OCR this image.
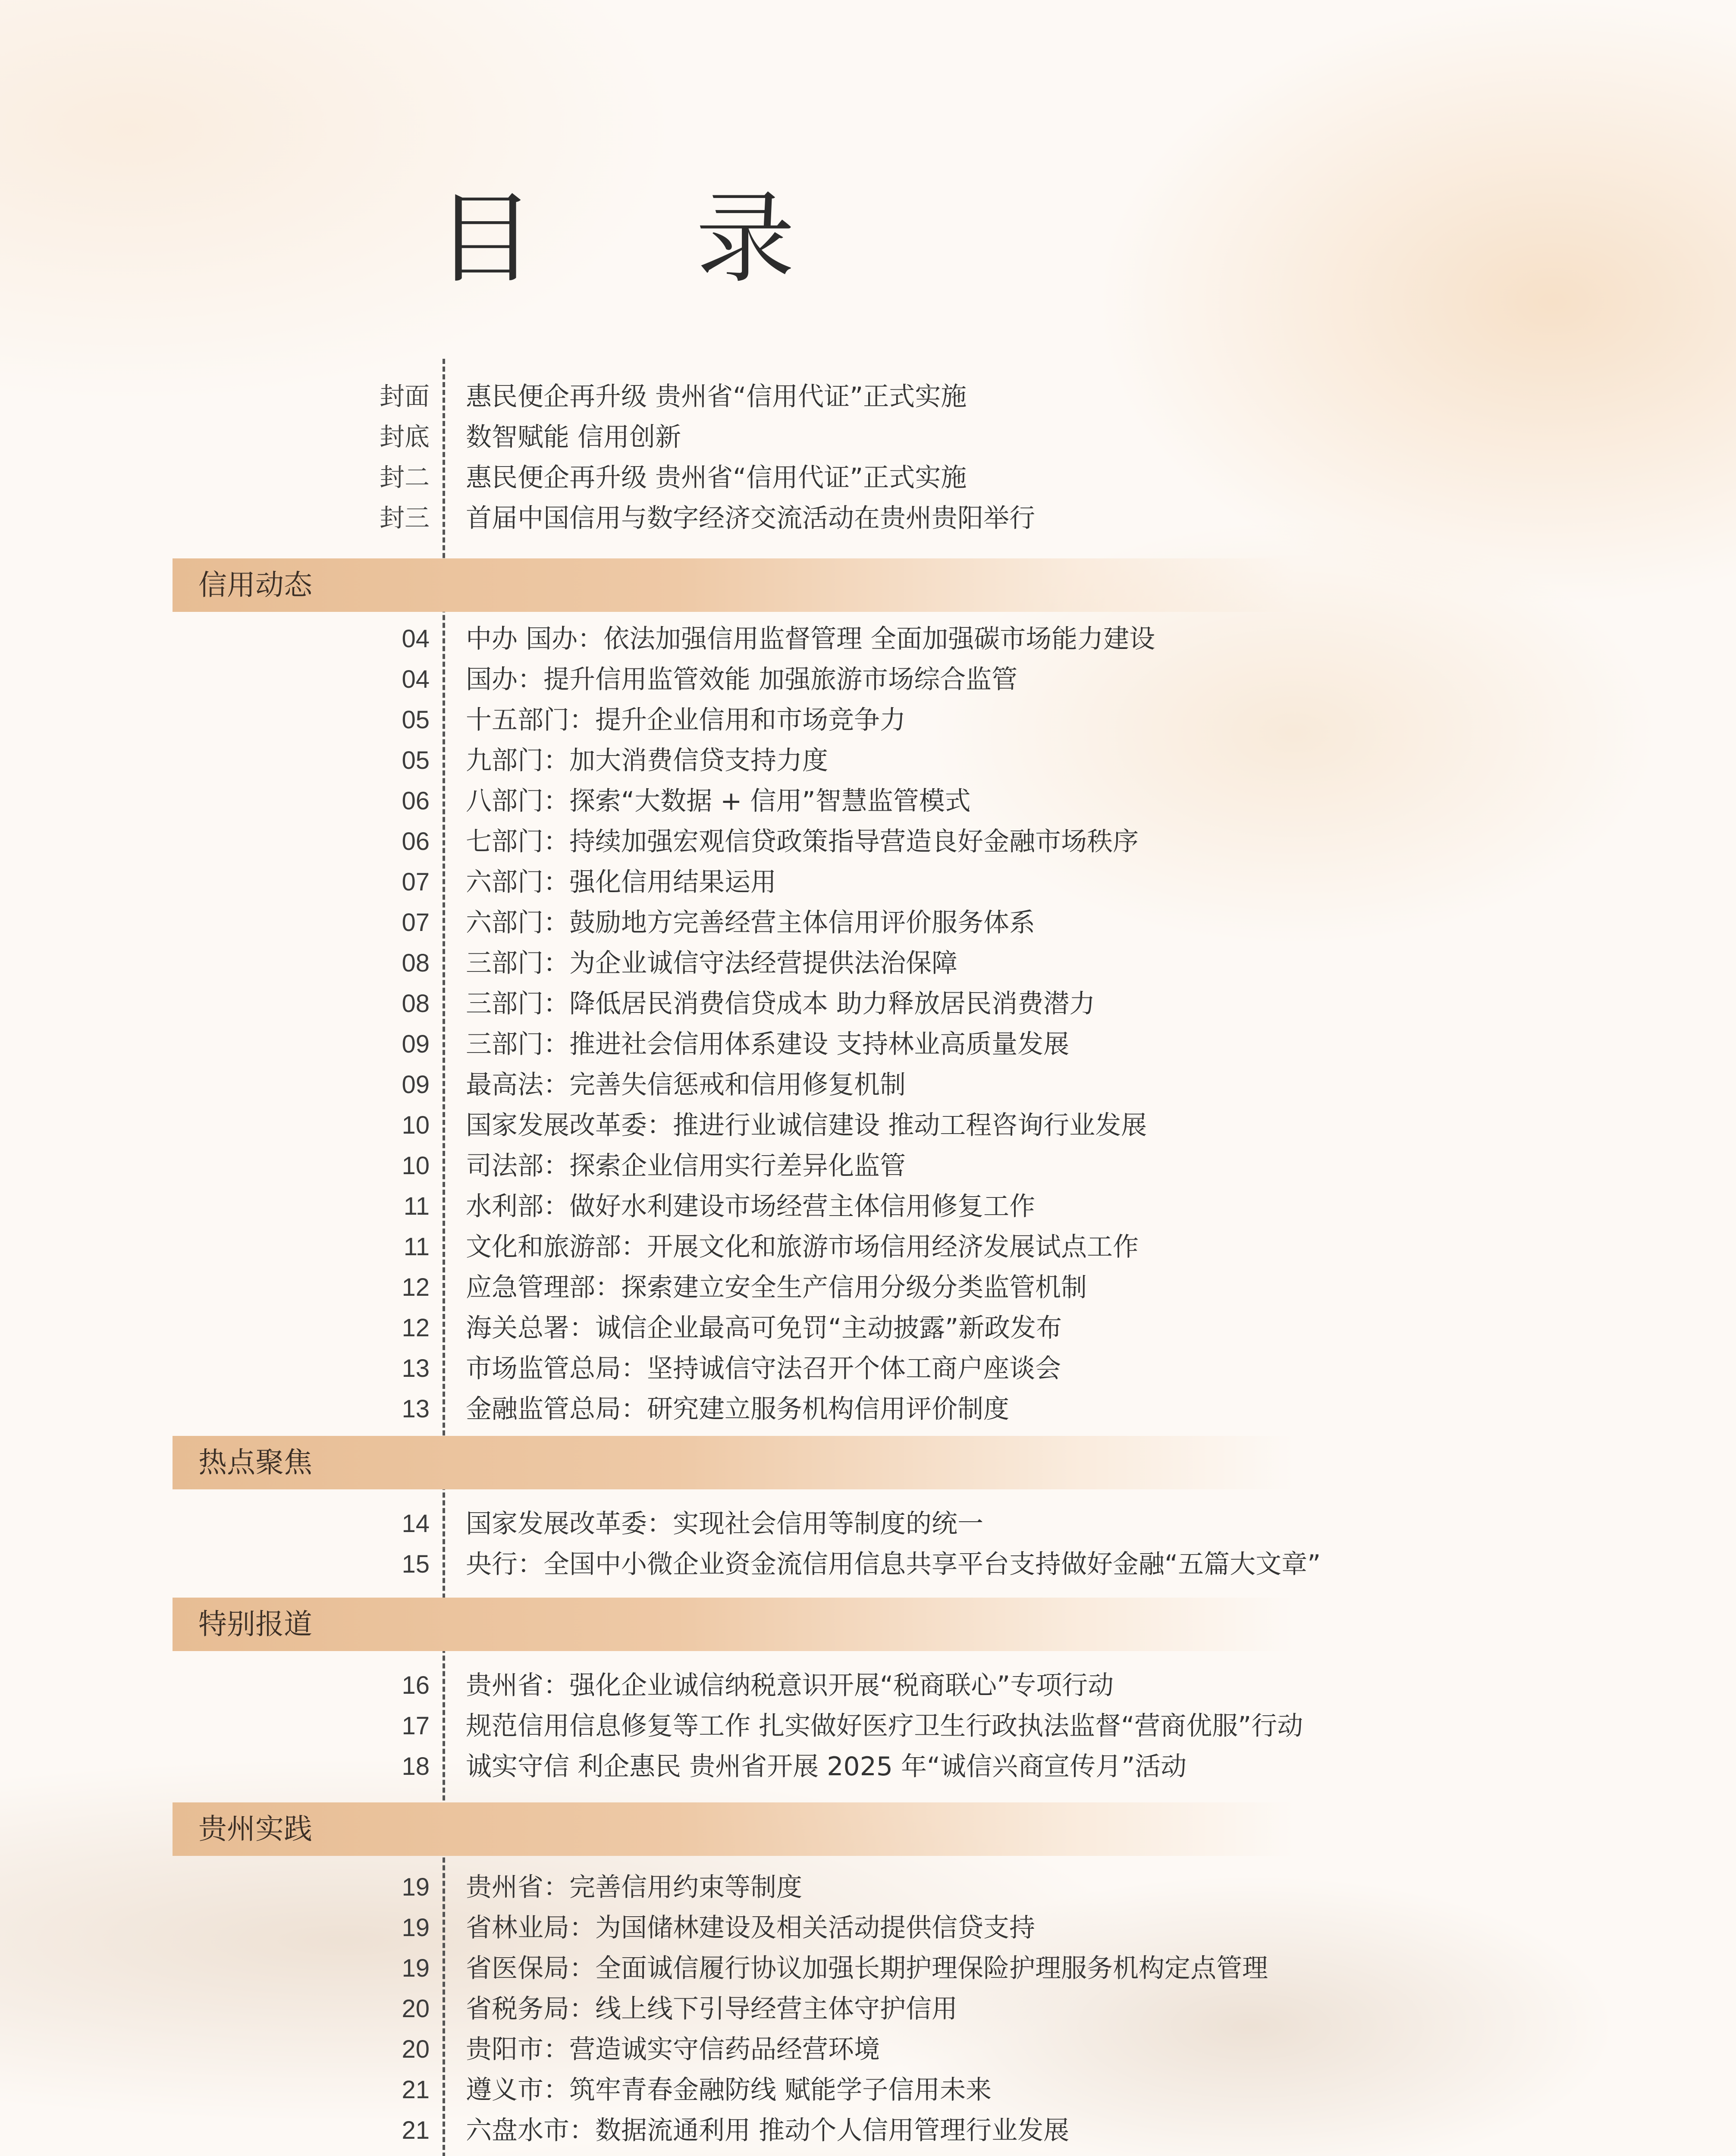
目 录
封面 惠民便企再升级 贵州省“信用代证”正式实施
封底 数智赋能 信用创新
封二 惠民便企再升级 贵州省“信用代证”正式实施
封三 首届中国信用与数字经济交流活动在贵州贵阳举行
信用动态
04 中办 国办：依法加强信用监督管理 全面加强碳市场能力建设
04 国办：提升信用监管效能 加强旅游市场综合监管
05 十五部门：提升企业信用和市场竞争力
05 九部门：加大消费信贷支持力度
06 八部门：探索“大数据 + 信用”智慧监管模式
06 七部门：持续加强宏观信贷政策指导营造良好金融市场秩序
07 六部门：强化信用结果运用
07 六部门：鼓励地方完善经营主体信用评价服务体系
08 三部门：为企业诚信守法经营提供法治保障
08 三部门：降低居民消费信贷成本 助力释放居民消费潜力
09 三部门：推进社会信用体系建设 支持林业高质量发展
09 最高法：完善失信惩戒和信用修复机制
10 国家发展改革委：推进行业诚信建设 推动工程咨询行业发展
10 司法部：探索企业信用实行差异化监管
11 水利部：做好水利建设市场经营主体信用修复工作
11 文化和旅游部：开展文化和旅游市场信用经济发展试点工作
12 应急管理部：探索建立安全生产信用分级分类监管机制
12 海关总署：诚信企业最高可免罚“主动披露”新政发布
13 市场监管总局：坚持诚信守法召开个体工商户座谈会
13 金融监管总局：研究建立服务机构信用评价制度
热点聚焦
14 国家发展改革委：实现社会信用等制度的统一
15 央行：全国中小微企业资金流信用信息共享平台支持做好金融“五篇大文章”
特别报道
16 贵州省：强化企业诚信纳税意识开展“税商联心”专项行动
17 规范信用信息修复等工作 扎实做好医疗卫生行政执法监督“营商优服”行动
18 诚实守信 利企惠民 贵州省开展 2025 年“诚信兴商宣传月”活动
贵州实践
19 贵州省：完善信用约束等制度
19 省林业局：为国储林建设及相关活动提供信贷支持
19 省医保局：全面诚信履行协议加强长期护理保险护理服务机构定点管理
20 省税务局：线上线下引导经营主体守护信用
20 贵阳市：营造诚实守信药品经营环境
21 遵义市：筑牢青春金融防线 赋能学子信用未来
21 六盘水市：数据流通利用 推动个人信用管理行业发展
